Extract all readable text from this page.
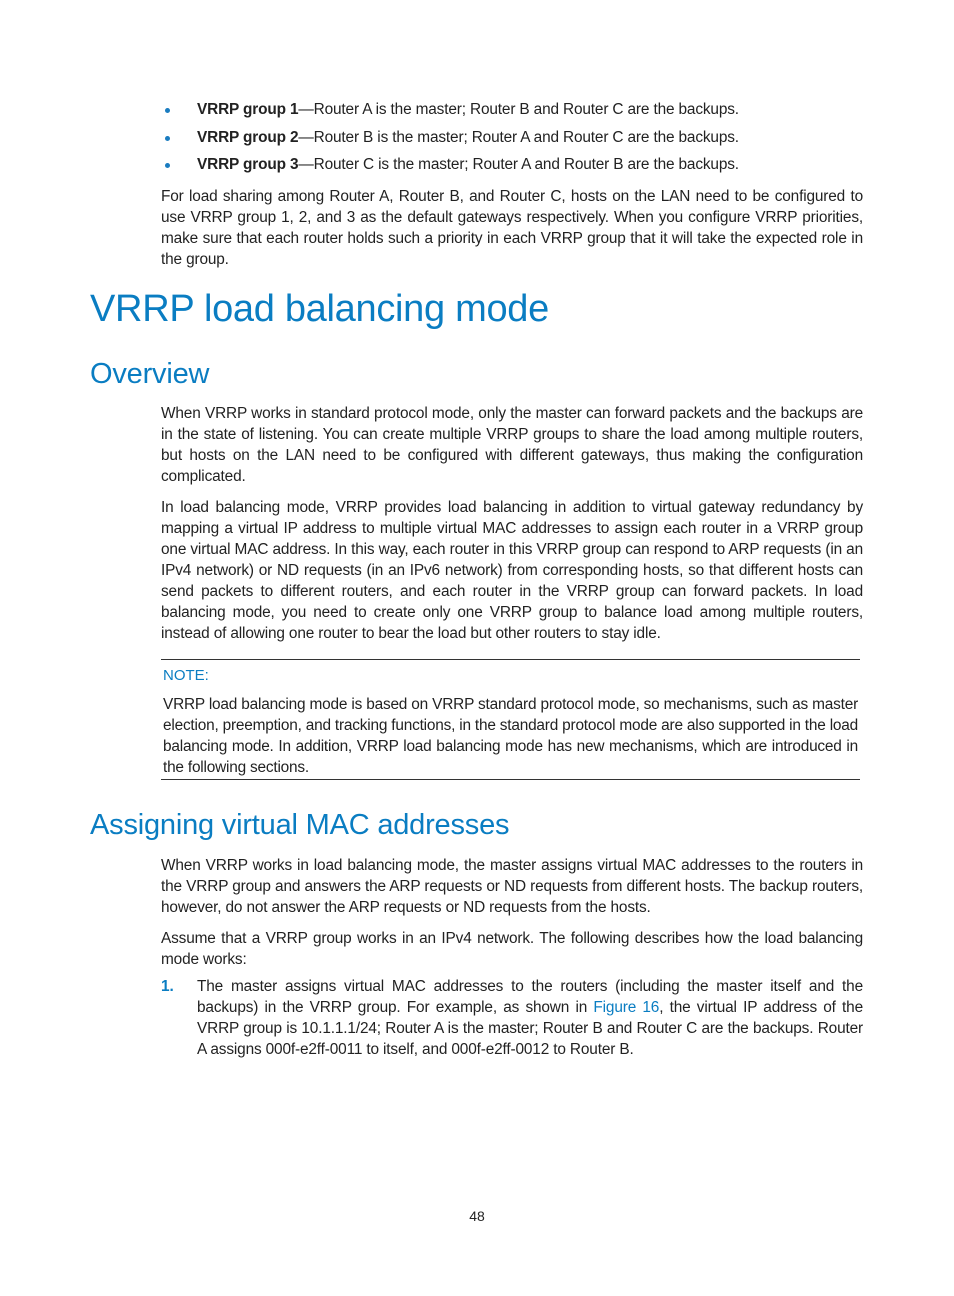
VRRP group 1—Router A is the master; Router B and Router C are the backups.
VRRP group 2—Router B is the master; Router A and Router C are the backups.
VRRP group 3—Router C is the master; Router A and Router B are the backups.

For load sharing among Router A, Router B, and Router C, hosts on the LAN need to be configured to use VRRP group 1, 2, and 3 as the default gateways respectively. When you configure VRRP priorities, make sure that each router holds such a priority in each VRRP group that it will take the expected role in the group.

VRRP load balancing mode
Overview

When VRRP works in standard protocol mode, only the master can forward packets and the backups are in the state of listening. You can create multiple VRRP groups to share the load among multiple routers, but hosts on the LAN need to be configured with different gateways, thus making the configuration complicated.

In load balancing mode, VRRP provides load balancing in addition to virtual gateway redundancy by mapping a virtual IP address to multiple virtual MAC addresses to assign each router in a VRRP group one virtual MAC address. In this way, each router in this VRRP group can respond to ARP requests (in an IPv4 network) or ND requests (in an IPv6 network) from corresponding hosts, so that different hosts can send packets to different routers, and each router in the VRRP group can forward packets. In load balancing mode, you need to create only one VRRP group to balance load among multiple routers, instead of allowing one router to bear the load but other routers to stay idle.

NOTE:

VRRP load balancing mode is based on VRRP standard protocol mode, so mechanisms, such as master election, preemption, and tracking functions, in the standard protocol mode are also supported in the load balancing mode. In addition, VRRP load balancing mode has new mechanisms, which are introduced in the following sections.

Assigning virtual MAC addresses

When VRRP works in load balancing mode, the master assigns virtual MAC addresses to the routers in the VRRP group and answers the ARP requests or ND requests from different hosts. The backup routers, however, do not answer the ARP requests or ND requests from the hosts.

Assume that a VRRP group works in an IPv4 network. The following describes how the load balancing mode works:

1. The master assigns virtual MAC addresses to the routers (including the master itself and the backups) in the VRRP group. For example, as shown in Figure 16, the virtual IP address of the VRRP group is 10.1.1.1/24; Router A is the master; Router B and Router C are the backups. Router A assigns 000f-e2ff-0011 to itself, and 000f-e2ff-0012 to Router B.

48
